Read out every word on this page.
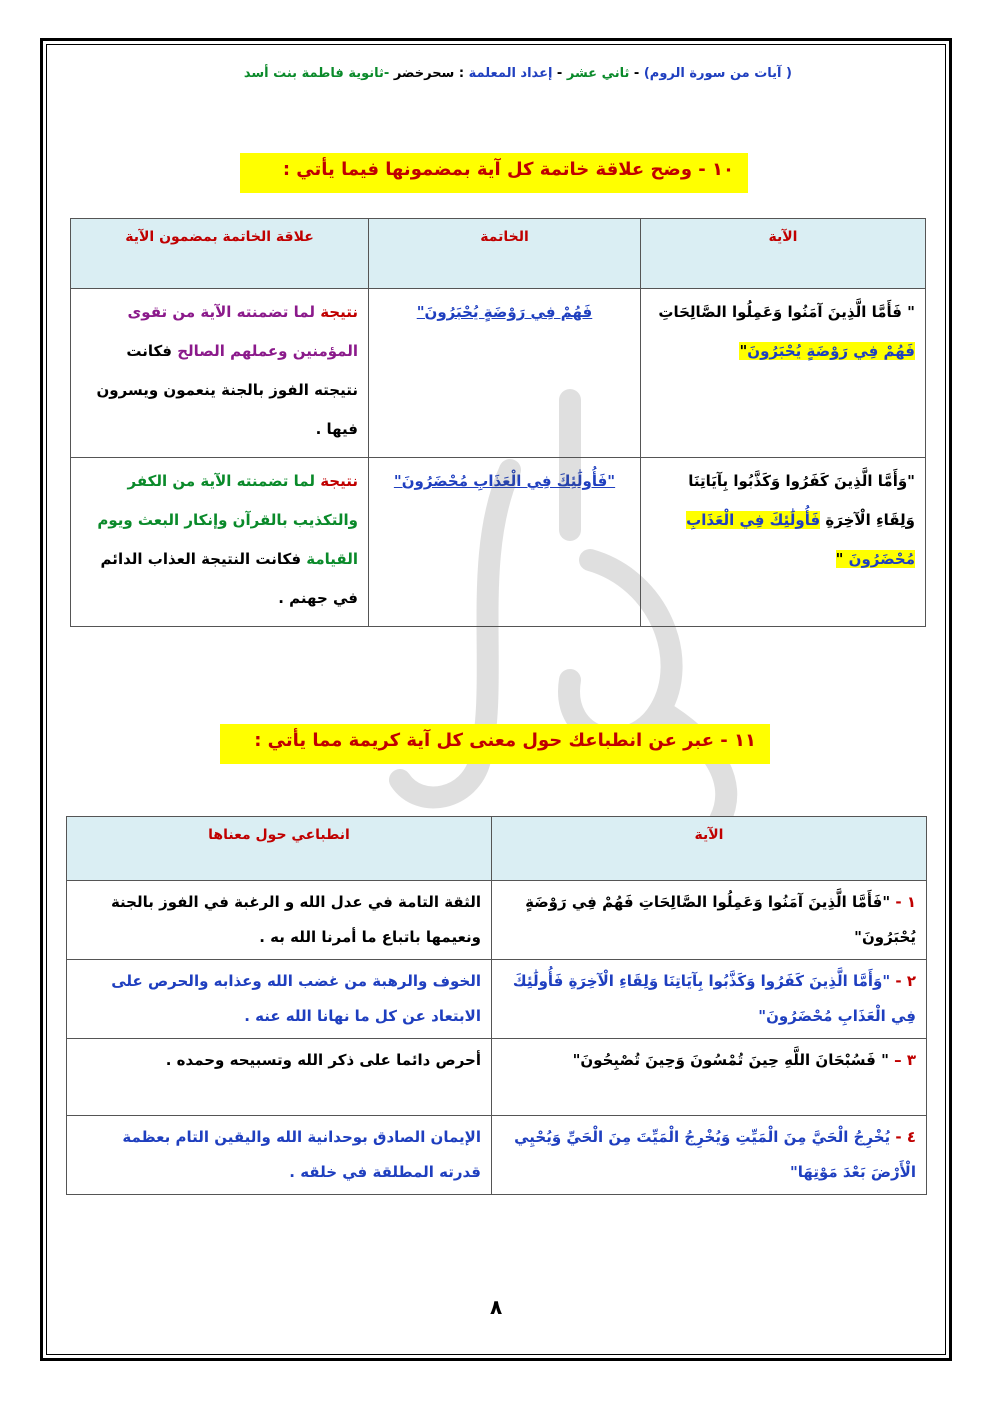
( آيات من سورة الروم) - ثاني عشر - إعداد المعلمة : سحرخضر -ثانوية فاطمة بنت أسد
١٠ - وضح علاقة خاتمة كل آية بمضمونها فيما يأتي :
الآية	الخاتمة	علاقة الخاتمة بمضمون الآية
" فَأَمَّا الَّذِينَ آمَنُوا وَعَمِلُوا الصَّالِحَاتِ فَهُمْ فِي رَوْضَةٍ يُحْبَرُونَ"	فَهُمْ فِي رَوْضَةٍ يُحْبَرُونَ"	نتيجة لما تضمنته الآية من تقوى المؤمنين وعملهم الصالح فكانت نتيجته الفوز بالجنة ينعمون ويسرون فيها .
"وَأَمَّا الَّذِينَ كَفَرُوا وَكَذَّبُوا بِآيَاتِنَا وَلِقَاءِ الْآخِرَةِ فَأُولَٰئِكَ فِي الْعَذَابِ مُحْضَرُونَ "	"فَأُولَٰئِكَ فِي الْعَذَابِ مُحْضَرُونَ"	نتيجة لما تضمنته الآية من الكفر والتكذيب بالقرآن وإنكار البعث ويوم القيامة فكانت النتيجة العذاب الدائم في جهنم .
١١ - عبر عن انطباعك حول معنى كل آية كريمة مما يأتي :
الآية	انطباعي حول معناها
١ - "فَأَمَّا الَّذِينَ آمَنُوا وَعَمِلُوا الصَّالِحَاتِ فَهُمْ فِي رَوْضَةٍ يُحْبَرُونَ"	الثقة التامة في عدل الله و الرغبة في الفوز بالجنة ونعيمها باتباع ما أمرنا الله به .
٢ - "وَأَمَّا الَّذِينَ كَفَرُوا وَكَذَّبُوا بِآيَاتِنَا وَلِقَاءِ الْآخِرَةِ فَأُولَٰئِكَ فِي الْعَذَابِ مُحْضَرُونَ"	الخوف والرهبة من غضب الله وعذابه والحرص على الابتعاد عن كل ما نهانا الله عنه .
٣ – " فَسُبْحَانَ اللَّهِ حِينَ تُمْسُونَ وَحِينَ تُصْبِحُونَ"	أحرص دائما على ذكر الله وتسبيحه وحمده .
٤ - يُخْرِجُ الْحَيَّ مِنَ الْمَيِّتِ وَيُخْرِجُ الْمَيِّتَ مِنَ الْحَيِّ وَيُحْيِي الْأَرْضَ بَعْدَ مَوْتِهَا"	الإيمان الصادق بوحدانية الله واليقين التام بعظمة قدرته المطلقة في خلقه .
٨
